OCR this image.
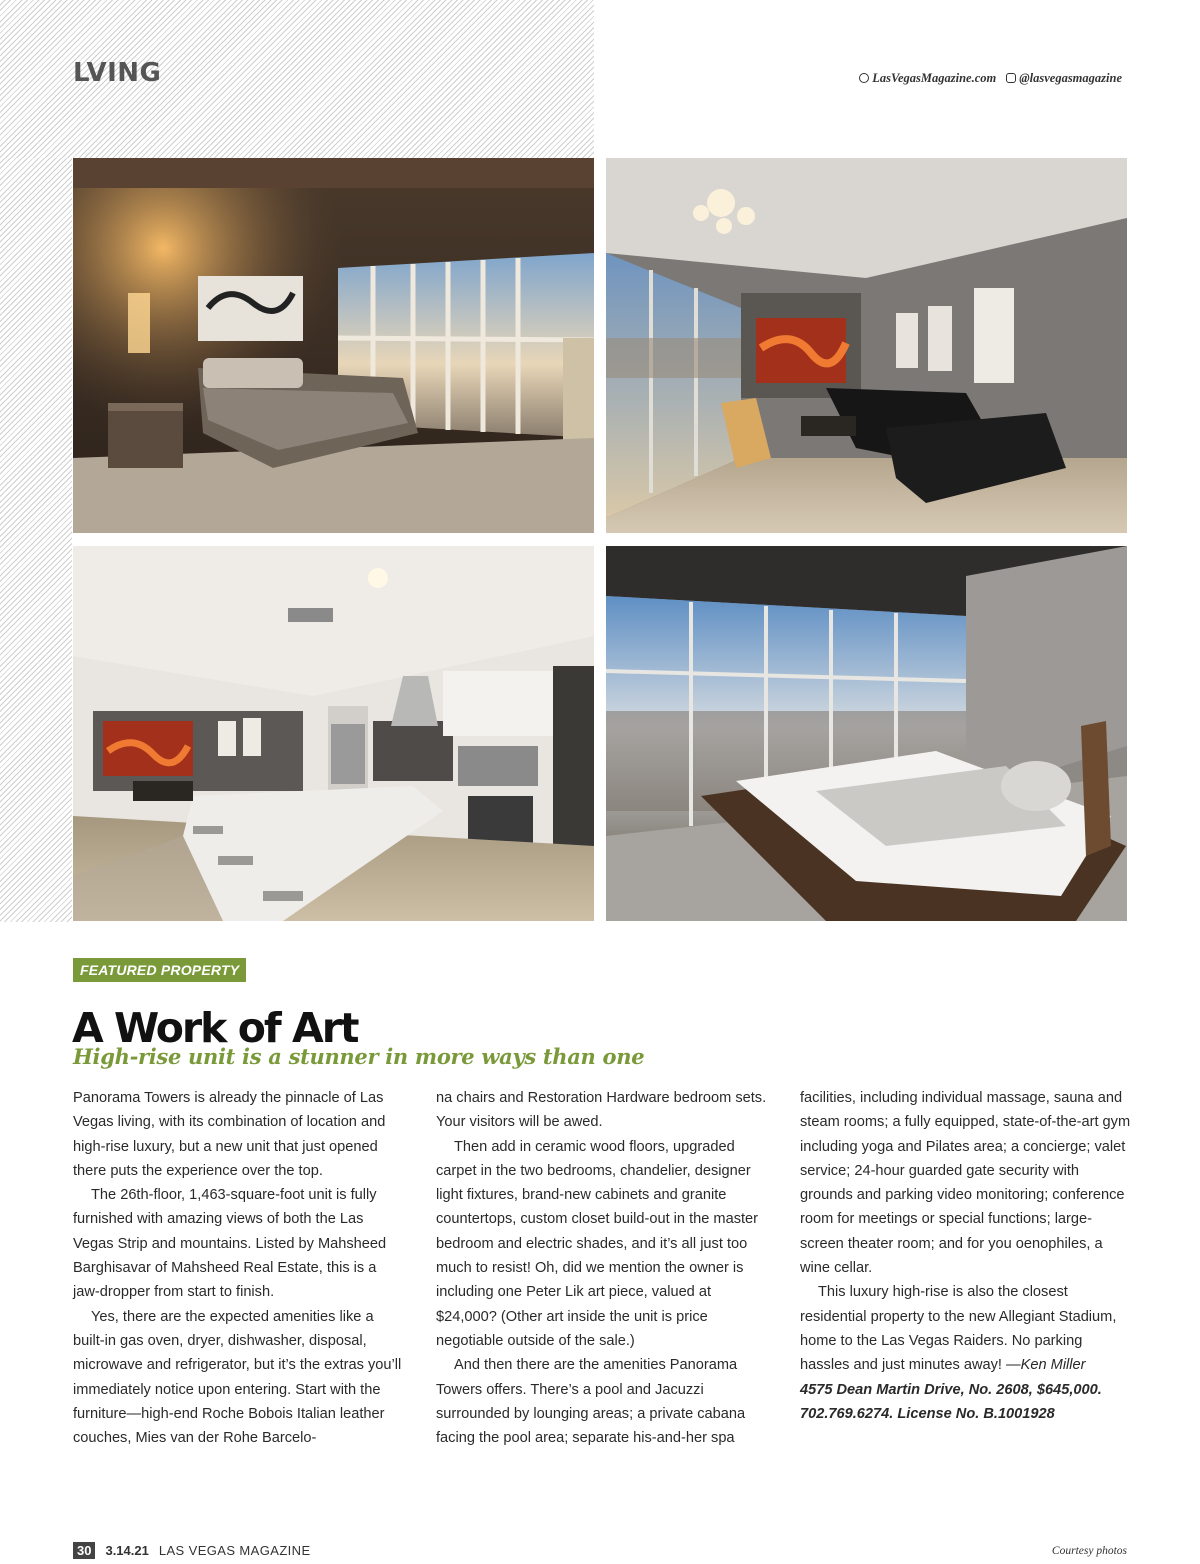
LVING	LasVegasMagazine.com	@lasvegasmagazine
FEATURED PROPERTY
A Work of Art
High-rise unit is a stunner in more ways than one

Panorama Towers is already the pinnacle of Las Vegas living, with its combination of location and high-rise luxury, but a new unit that just opened there puts the experience over the top.

The 26th-floor, 1,463-square-foot unit is fully furnished with amazing views of both the Las Vegas Strip and mountains. Listed by Mahsheed Barghisavar of Mahsheed Real Estate, this is a jaw-dropper from start to finish.

Yes, there are the expected amenities like a built-in gas oven, dryer, dishwasher, disposal, microwave and refrigerator, but it’s the extras you’ll immediately notice upon entering. Start with the furniture—high-end Roche Bobois Italian leather couches, Mies van der Rohe Barcelo-

na chairs and Restoration Hardware bedroom sets. Your visitors will be awed.

Then add in ceramic wood floors, upgraded carpet in the two bedrooms, chandelier, designer light fixtures, brand-new cabinets and granite countertops, custom closet build-out in the master bedroom and electric shades, and it’s all just too much to resist! Oh, did we mention the owner is including one Peter Lik art piece, valued at $24,000? (Other art inside the unit is price negotiable outside of the sale.)

And then there are the amenities Panorama Towers offers. There’s a pool and Jacuzzi surrounded by lounging areas; a private cabana facing the pool area; separate his-and-her spa

facilities, including individual massage, sauna and steam rooms; a fully equipped, state-of-the-art gym including yoga and Pilates area; a concierge; valet service; 24-hour guarded gate security with grounds and parking video monitoring; conference room for meetings or special functions; large-screen theater room; and for you oenophiles, a wine cellar.

This luxury high-rise is also the closest residential property to the new Allegiant Stadium, home to the Las Vegas Raiders. No parking hassles and just minutes away! —Ken Miller

4575 Dean Martin Drive, No. 2608, $645,000. 702.769.6274. License No. B.1001928

30	3.14.21 LAS VEGAS MAGAZINE	Courtesy photos
